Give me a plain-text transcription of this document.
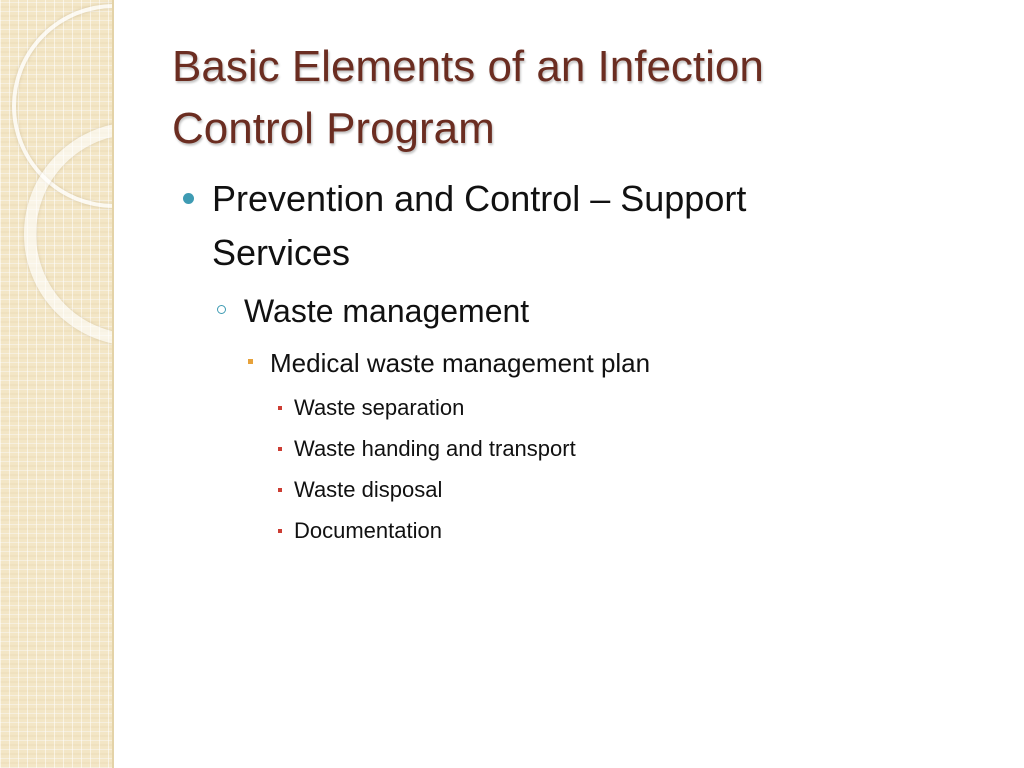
Basic Elements of an Infection Control Program
Prevention and Control – Support Services
Waste management
Medical waste management plan
Waste separation
Waste handing and transport
Waste disposal
Documentation
